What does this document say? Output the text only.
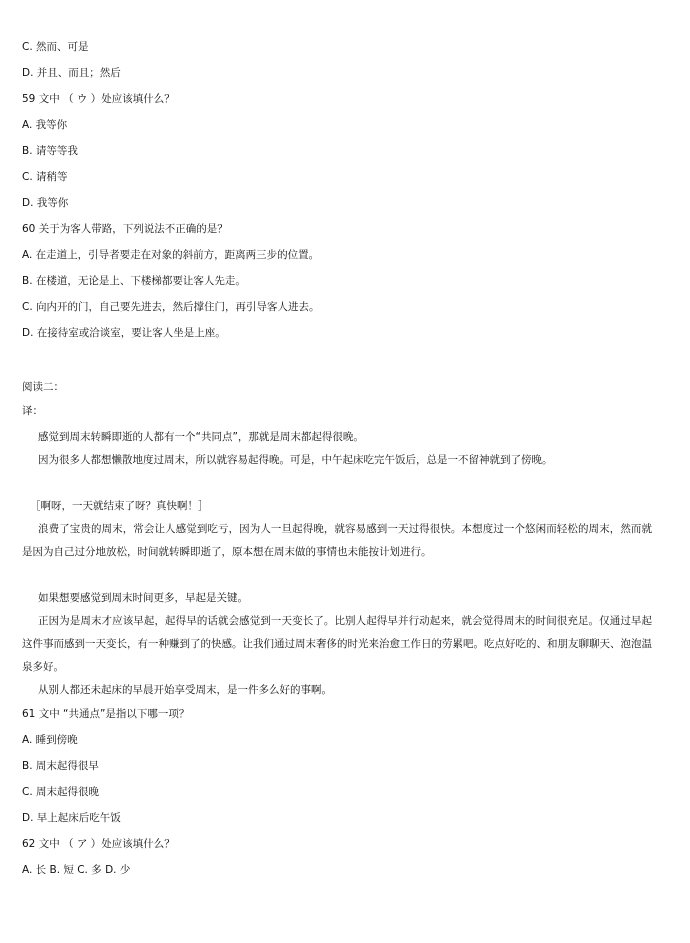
C. 然而、可是
D. 并且、而且；然后
59 文中 （ ウ ）处应该填什么？
A. 我等你
B. 请等等我
C. 请稍等
D. 我等你
60 关于为客人带路，下列说法不正确的是？
A. 在走道上，引导者要走在对象的斜前方，距离两三步的位置。
B. 在楼道，无论是上、下楼梯都要让客人先走。
C. 向内开的门，自己要先进去，然后撑住门，再引导客人进去。
D. 在接待室或洽谈室，要让客人坐是上座。
阅读二：
译：
感觉到周末转瞬即逝的人都有一个“共同点”，那就是周末都起得很晚。
因为很多人都想懒散地度过周末，所以就容易起得晚。可是，中午起床吃完午饭后，总是一不留神就到了傍晚。
［啊呀，一天就结束了呀？真快啊！］
浪费了宝贵的周末，常会让人感觉到吃亏，因为人一旦起得晚，就容易感到一天过得很快。本想度过一个悠闲而轻松的周末，然而就是因为自己过分地放松，时间就转瞬即逝了，原本想在周末做的事情也未能按计划进行。
如果想要感觉到周末时间更多，早起是关键。
正因为是周末才应该早起，起得早的话就会感觉到一天变长了。比别人起得早并行动起来，就会觉得周末的时间很充足。仅通过早起这件事而感到一天变长，有一种赚到了的快感。让我们通过周末奢侈的时光来治愈工作日的劳累吧。吃点好吃的、和朋友聊聊天、泡泡温泉多好。
从别人都还未起床的早晨开始享受周末，是一件多么好的事啊。
61 文中 “共通点”是指以下哪一项？
A. 睡到傍晚
B. 周末起得很早
C. 周末起得很晚
D. 早上起床后吃午饭
62 文中 （ ア ）处应该填什么？
A. 长 B. 短 C. 多 D. 少
